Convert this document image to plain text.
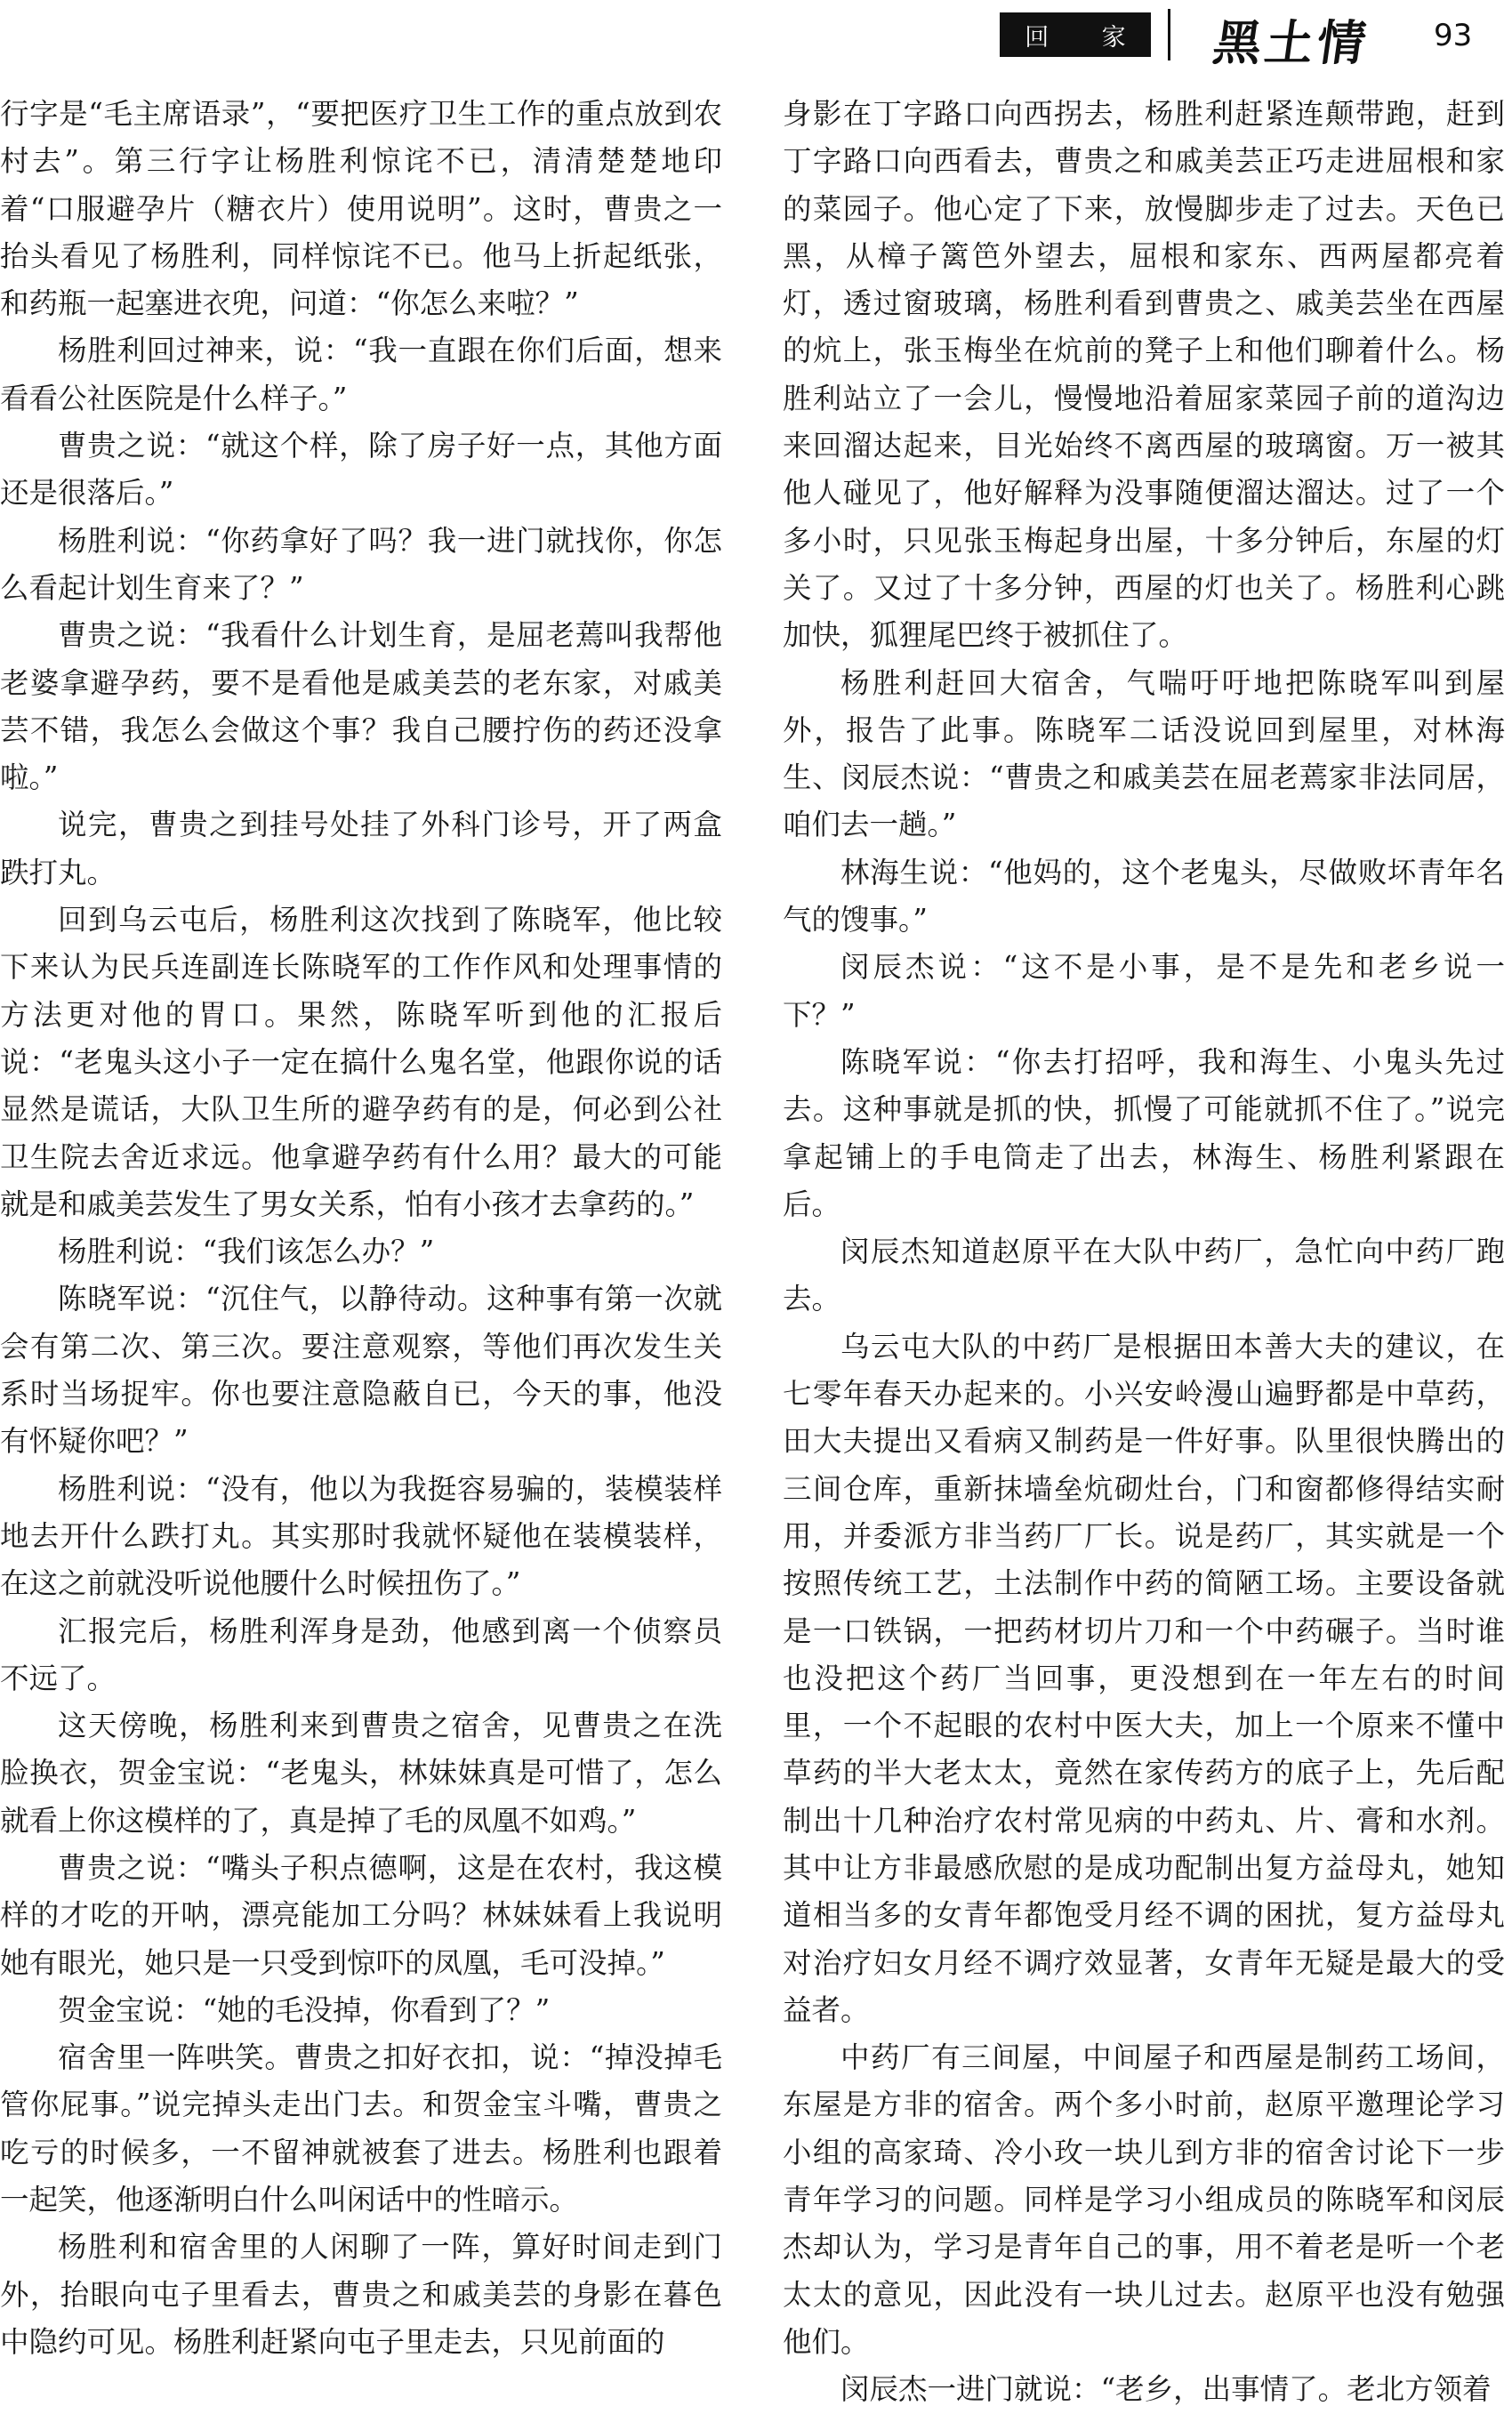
回　家 黑土情 93

行字是“毛主席语录”，“要把医疗卫生工作的重点放到农村去”。第三行字让杨胜利惊诧不已，清清楚楚地印着“口服避孕片（糖衣片）使用说明”。这时，曹贵之一抬头看见了杨胜利，同样惊诧不已。他马上折起纸张，和药瓶一起塞进衣兜，问道：“你怎么来啦？”

杨胜利回过神来，说：“我一直跟在你们后面，想来看看公社医院是什么样子。”

曹贵之说：“就这个样，除了房子好一点，其他方面还是很落后。”

杨胜利说：“你药拿好了吗？我一进门就找你，你怎么看起计划生育来了？”

曹贵之说：“我看什么计划生育，是屈老蔫叫我帮他老婆拿避孕药，要不是看他是戚美芸的老东家，对戚美芸不错，我怎么会做这个事？我自己腰拧伤的药还没拿啦。”

说完，曹贵之到挂号处挂了外科门诊号，开了两盒跌打丸。

回到乌云屯后，杨胜利这次找到了陈晓军，他比较下来认为民兵连副连长陈晓军的工作作风和处理事情的方法更对他的胃口。果然，陈晓军听到他的汇报后说：“老鬼头这小子一定在搞什么鬼名堂，他跟你说的话显然是谎话，大队卫生所的避孕药有的是，何必到公社卫生院去舍近求远。他拿避孕药有什么用？最大的可能就是和戚美芸发生了男女关系，怕有小孩才去拿药的。”

杨胜利说：“我们该怎么办？”

陈晓军说：“沉住气，以静待动。这种事有第一次就会有第二次、第三次。要注意观察，等他们再次发生关系时当场捉牢。你也要注意隐蔽自已，今天的事，他没有怀疑你吧？”

杨胜利说：“没有，他以为我挺容易骗的，装模装样地去开什么跌打丸。其实那时我就怀疑他在装模装样，在这之前就没听说他腰什么时候扭伤了。”

汇报完后，杨胜利浑身是劲，他感到离一个侦察员不远了。

这天傍晚，杨胜利来到曹贵之宿舍，见曹贵之在洗脸换衣，贺金宝说：“老鬼头，林妹妹真是可惜了，怎么就看上你这模样的了，真是掉了毛的凤凰不如鸡。”

曹贵之说：“嘴头子积点德啊，这是在农村，我这模样的才吃的开呐，漂亮能加工分吗？林妹妹看上我说明她有眼光，她只是一只受到惊吓的凤凰，毛可没掉。”

贺金宝说：“她的毛没掉，你看到了？”

宿舍里一阵哄笑。曹贵之扣好衣扣，说：“掉没掉毛管你屁事。”说完掉头走出门去。和贺金宝斗嘴，曹贵之吃亏的时候多，一不留神就被套了进去。杨胜利也跟着一起笑，他逐渐明白什么叫闲话中的性暗示。

杨胜利和宿舍里的人闲聊了一阵，算好时间走到门外，抬眼向屯子里看去，曹贵之和戚美芸的身影在暮色中隐约可见。杨胜利赶紧向屯子里走去，只见前面的

身影在丁字路口向西拐去，杨胜利赶紧连颠带跑，赶到丁字路口向西看去，曹贵之和戚美芸正巧走进屈根和家的菜园子。他心定了下来，放慢脚步走了过去。天色已黑，从樟子篱笆外望去，屈根和家东、西两屋都亮着灯，透过窗玻璃，杨胜利看到曹贵之、戚美芸坐在西屋的炕上，张玉梅坐在炕前的凳子上和他们聊着什么。杨胜利站立了一会儿，慢慢地沿着屈家菜园子前的道沟边来回溜达起来，目光始终不离西屋的玻璃窗。万一被其他人碰见了，他好解释为没事随便溜达溜达。过了一个多小时，只见张玉梅起身出屋，十多分钟后，东屋的灯关了。又过了十多分钟，西屋的灯也关了。杨胜利心跳加快，狐狸尾巴终于被抓住了。

杨胜利赶回大宿舍，气喘吁吁地把陈晓军叫到屋外，报告了此事。陈晓军二话没说回到屋里，对林海生、闵辰杰说：“曹贵之和戚美芸在屈老蔫家非法同居，咱们去一趟。”

林海生说：“他妈的，这个老鬼头，尽做败坏青年名气的馊事。”

闵辰杰说：“这不是小事，是不是先和老乡说一下？”

陈晓军说：“你去打招呼，我和海生、小鬼头先过去。这种事就是抓的快，抓慢了可能就抓不住了。”说完拿起铺上的手电筒走了出去，林海生、杨胜利紧跟在后。

闵辰杰知道赵原平在大队中药厂，急忙向中药厂跑去。

乌云屯大队的中药厂是根据田本善大夫的建议，在七零年春天办起来的。小兴安岭漫山遍野都是中草药，田大夫提出又看病又制药是一件好事。队里很快腾出的三间仓库，重新抹墙垒炕砌灶台，门和窗都修得结实耐用，并委派方非当药厂厂长。说是药厂，其实就是一个按照传统工艺，土法制作中药的简陋工场。主要设备就是一口铁锅，一把药材切片刀和一个中药碾子。当时谁也没把这个药厂当回事，更没想到在一年左右的时间里，一个不起眼的农村中医大夫，加上一个原来不懂中草药的半大老太太，竟然在家传药方的底子上，先后配制出十几种治疗农村常见病的中药丸、片、膏和水剂。其中让方非最感欣慰的是成功配制出复方益母丸，她知道相当多的女青年都饱受月经不调的困扰，复方益母丸对治疗妇女月经不调疗效显著，女青年无疑是最大的受益者。

中药厂有三间屋，中间屋子和西屋是制药工场间，东屋是方非的宿舍。两个多小时前，赵原平邀理论学习小组的高家琦、冷小玫一块儿到方非的宿舍讨论下一步青年学习的问题。同样是学习小组成员的陈晓军和闵辰杰却认为，学习是青年自己的事，用不着老是听一个老太太的意见，因此没有一块儿过去。赵原平也没有勉强他们。

闵辰杰一进门就说：“老乡，出事情了。老北方领着
